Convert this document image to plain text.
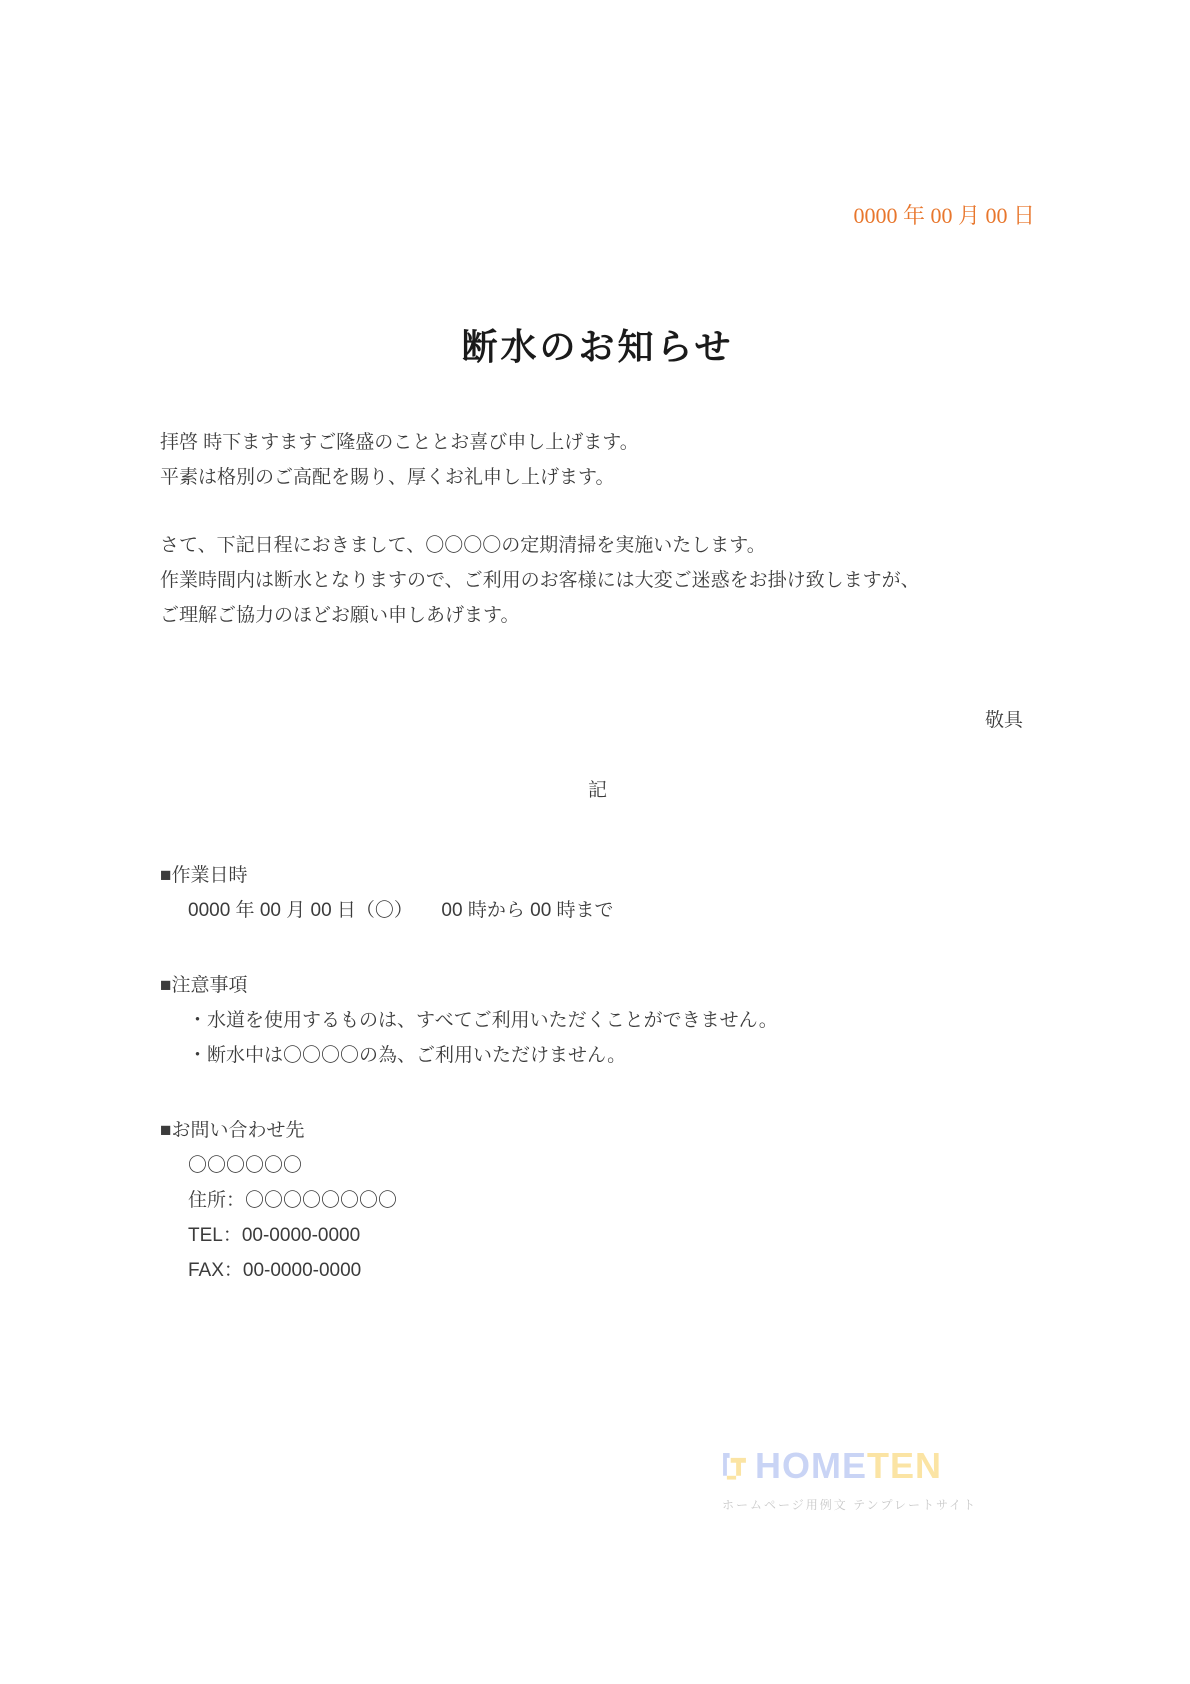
0000 年 00 月 00 日
断水のお知らせ
拝啓 時下ますますご隆盛のこととお喜び申し上げます。
平素は格別のご高配を賜り、厚くお礼申し上げます。
さて、下記日程におきまして、〇〇〇〇の定期清掃を実施いたします。
作業時間内は断水となりますので、ご利用のお客様には大変ご迷惑をお掛け致しますが、
ご理解ご協力のほどお願い申しあげます。
敬具
記
■作業日時
0000 年 00 月 00 日（〇）　　00 時から 00 時まで
■注意事項
・水道を使用するものは、すべてご利用いただくことができません。
・断水中は〇〇〇〇の為、ご利用いただけません。
■お問い合わせ先
〇〇〇〇〇〇
住所：〇〇〇〇〇〇〇〇
TEL：00-0000-0000
FAX：00-0000-0000
HOMETEN
ホームページ用例文 テンプレートサイト
